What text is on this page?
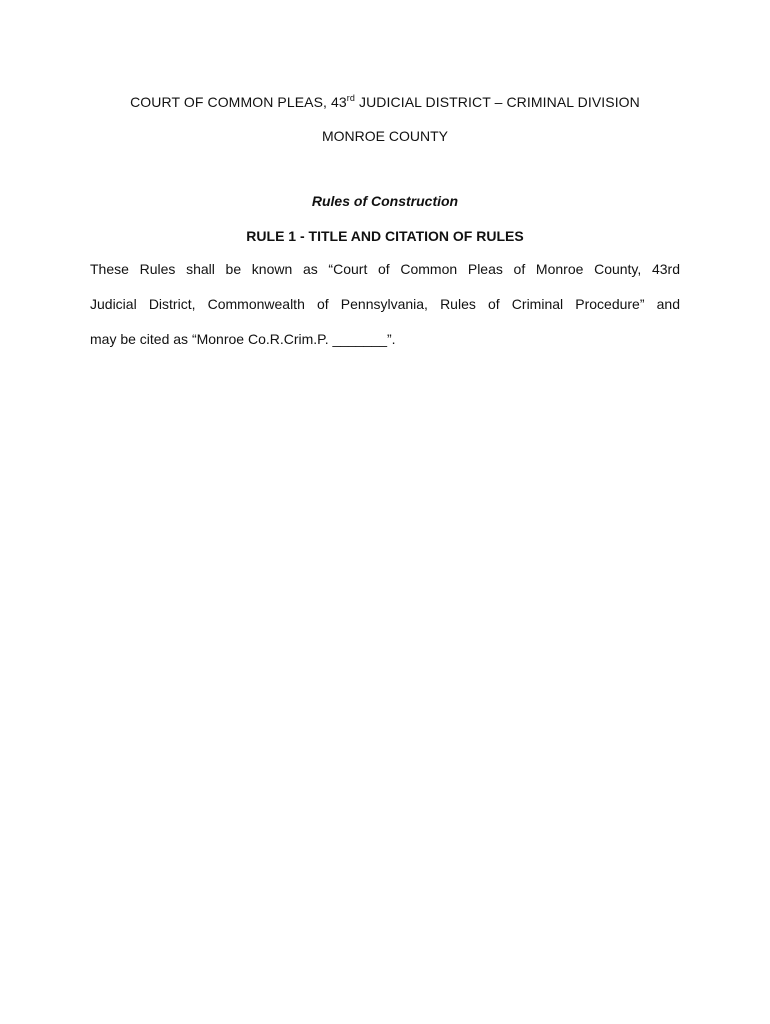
COURT OF COMMON PLEAS, 43rd JUDICIAL DISTRICT – CRIMINAL DIVISION
MONROE COUNTY
Rules of Construction
RULE 1 - TITLE AND CITATION OF RULES

These Rules shall be known as “Court of Common Pleas of Monroe County, 43rd
Judicial District, Commonwealth of Pennsylvania, Rules of Criminal Procedure” and
may be cited as “Monroe Co.R.Crim.P. _______”.
